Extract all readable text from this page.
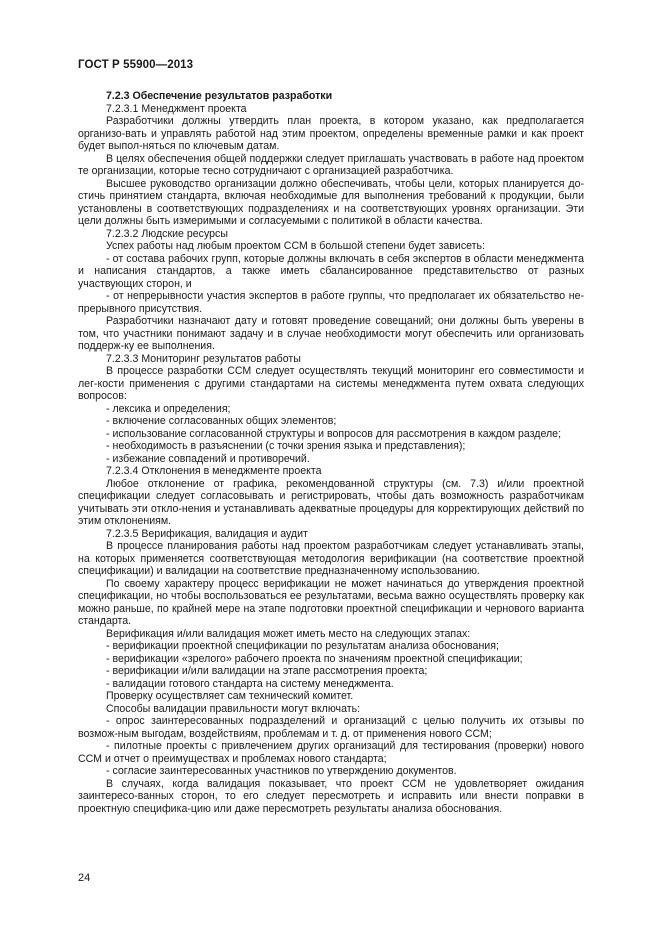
ГОСТ Р 55900—2013

7.2.3 Обеспечение результатов разработки

7.2.3.1 Менеджмент проекта

Разработчики должны утвердить план проекта, в котором указано, как предполагается организо-вать и управлять работой над этим проектом, определены временные рамки и как проект будет выпол-няться по ключевым датам.

В целях обеспечения общей поддержки следует приглашать участвовать в работе над проектом те организации, которые тесно сотрудничают с организацией разработчика.

Высшее руководство организации должно обеспечивать, чтобы цели, которых планируется до-стичь принятием стандарта, включая необходимые для выполнения требований к продукции, были установлены в соответствующих подразделениях и на соответствующих уровнях организации. Эти цели должны быть измеримыми и согласуемыми с политикой в области качества.

7.2.3.2 Людские ресурсы

Успех работы над любым проектом ССМ в большой степени будет зависеть:

- от состава рабочих групп, которые должны включать в себя экспертов в области менеджмента и написания стандартов, а также иметь сбалансированное представительство от разных участвующих сторон, и

- от непрерывности участия экспертов в работе группы, что предполагает их обязательство не-прерывного присутствия.

Разработчики назначают дату и готовят проведение совещаний; они должны быть уверены в том, что участники понимают задачу и в случае необходимости могут обеспечить или организовать поддерж-ку ее выполнения.

7.2.3.3 Мониторинг результатов работы

В процессе разработки ССМ следует осуществлять текущий мониторинг его совместимости и лег-кости применения с другими стандартами на системы менеджмента путем охвата следующих вопросов:

- лексика и определения;

- включение согласованных общих элементов;

- использование согласованной структуры и вопросов для рассмотрения в каждом разделе;

- необходимость в разъяснении (с точки зрения языка и представления);

- избежание совпадений и противоречий.

7.2.3.4 Отклонения в менеджменте проекта

Любое отклонение от графика, рекомендованной структуры (см. 7.3) и/или проектной спецификации следует согласовывать и регистрировать, чтобы дать возможность разработчикам учитывать эти откло-нения и устанавливать адекватные процедуры для корректирующих действий по этим отклонениям.

7.2.3.5 Верификация, валидация и аудит

В процессе планирования работы над проектом разработчикам следует устанавливать этапы, на которых применяется соответствующая методология верификации (на соответствие проектной спецификации) и валидации на соответствие предназначенному использованию.

По своему характеру процесс верификации не может начинаться до утверждения проектной спецификации, но чтобы воспользоваться ее результатами, весьма важно осуществлять проверку как можно раньше, по крайней мере на этапе подготовки проектной спецификации и чернового варианта стандарта.

Верификация и/или валидация может иметь место на следующих этапах:

- верификации проектной спецификации по результатам анализа обоснования;

- верификации «зрелого» рабочего проекта по значениям проектной спецификации;

- верификации и/или валидации на этапе рассмотрения проекта;

- валидации готового стандарта на систему менеджмента.

Проверку осуществляет сам технический комитет.

Способы валидации правильности могут включать:

- опрос заинтересованных подразделений и организаций с целью получить их отзывы по возмож-ным выгодам, воздействиям, проблемам и т. д. от применения нового ССМ;

- пилотные проекты с привлечением других организаций для тестирования (проверки) нового ССМ и отчет о преимуществах и проблемах нового стандарта;

- согласие заинтересованных участников по утверждению документов.

В случаях, когда валидация показывает, что проект ССМ не удовлетворяет ожидания заинтересо-ванных сторон, то его следует пересмотреть и исправить или внести поправки в проектную специфика-цию или даже пересмотреть результаты анализа обоснования.

24
